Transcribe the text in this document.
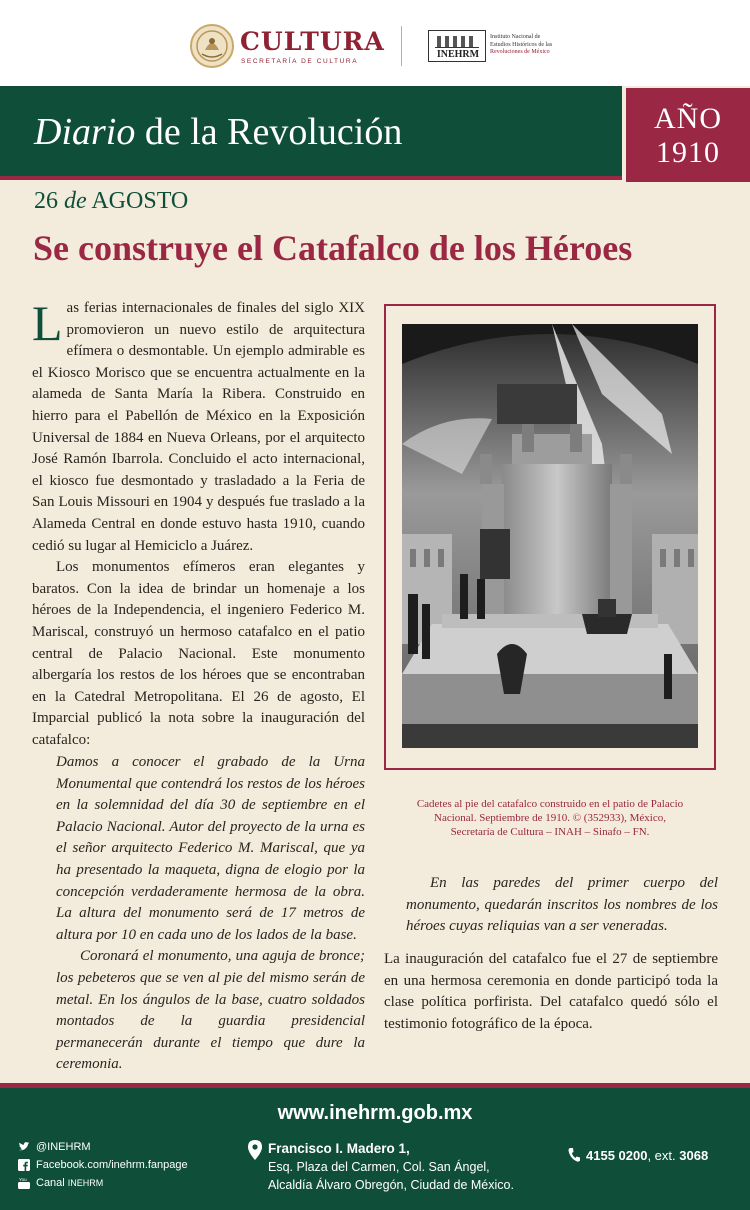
CULTURA
SECRETARÍA DE CULTURA
INEHRM
Instituto Nacional de
Estudios Históricos de las
Revoluciones de México
Diario de la Revolución	AÑO
1910
26 de AGOSTO
Se construye el Catafalco de los Héroes

Las ferias internacionales de finales del siglo XIX promovieron un nuevo estilo de arquitectura efímera o desmontable. Un ejemplo admirable es el Kiosco Morisco que se encuentra actualmente en la alameda de Santa María la Ribera. Construido en hierro para el Pabellón de México en la Exposición Universal de 1884 en Nueva Orleans, por el arquitecto José Ramón Ibarrola. Concluido el acto internacional, el kiosco fue desmontado y trasladado a la Feria de San Louis Missouri en 1904 y después fue traslado a la Alameda Central en donde estuvo hasta 1910, cuando cedió su lugar al Hemiciclo a Juárez.

Los monumentos efímeros eran elegantes y baratos. Con la idea de brindar un homenaje a los héroes de la Independencia, el ingeniero Federico M. Mariscal, construyó un hermoso catafalco en el patio central de Palacio Nacional. Este monumento albergaría los restos de los héroes que se encontraban en la Catedral Metropolitana. El 26 de agosto, El Imparcial publicó la nota sobre la inauguración del catafalco:

Damos a conocer el grabado de la Urna Monumental que contendrá los restos de los héroes en la solemnidad del día 30 de septiembre en el Palacio Nacional. Autor del proyecto de la urna es el señor arquitecto Federico M. Mariscal, que ya ha presentado la maqueta, digna de elogio por la concepción verdaderamente hermosa de la obra. La altura del monumento será de 17 metros de altura por 10 en cada uno de los lados de la base.

Coronará el monumento, una aguja de bronce; los pebeteros que se ven al pie del mismo serán de metal. En los ángulos de la base, cuatro soldados montados de la guardia presidencial permanecerán durante el tiempo que dure la ceremonia.

Cadetes al pie del catafalco construido en el patio de Palacio
Nacional. Septiembre de 1910. © (352933), México,
Secretaría de Cultura – INAH – Sinafo – FN.

En las paredes del primer cuerpo del monumento, quedarán inscritos los nombres de los héroes cuyas reliquias van a ser veneradas.

La inauguración del catafalco fue el 27 de septiembre en una hermosa ceremonia en donde participó toda la clase política porfirista. Del catafalco quedó sólo el testimonio fotográfico de la época.

www.inehrm.gob.mx
@INEHRM
Facebook.com/inehrm.fanpage
You Canal INEHRM
Francisco I. Madero 1,
Esq. Plaza del Carmen, Col. San Ángel,
Alcaldía Álvaro Obregón, Ciudad de México.
4155 0200, ext. 3068
